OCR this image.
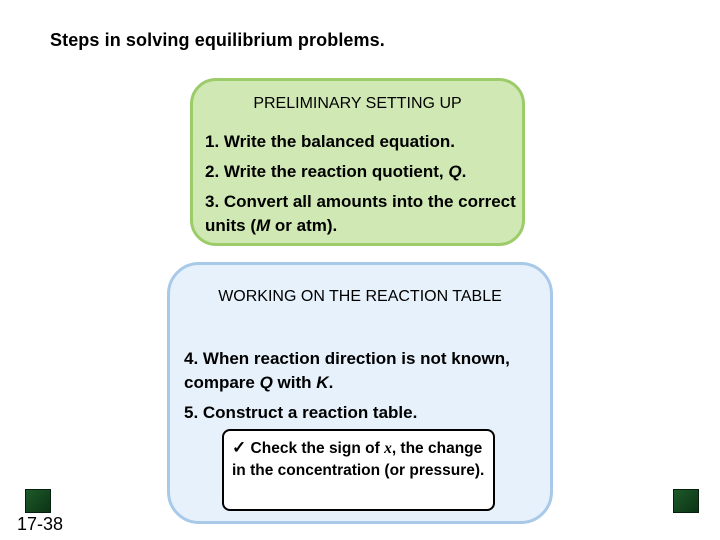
Steps in solving equilibrium problems.
PRELIMINARY SETTING UP
1. Write the balanced equation.
2. Write the reaction quotient, Q.
3. Convert all amounts into the correct units (M or atm).
WORKING ON THE REACTION TABLE
4. When reaction direction is not known, compare Q with K.
5. Construct a reaction table.
✓ Check the sign of x, the change in the concentration (or pressure).
17-38
